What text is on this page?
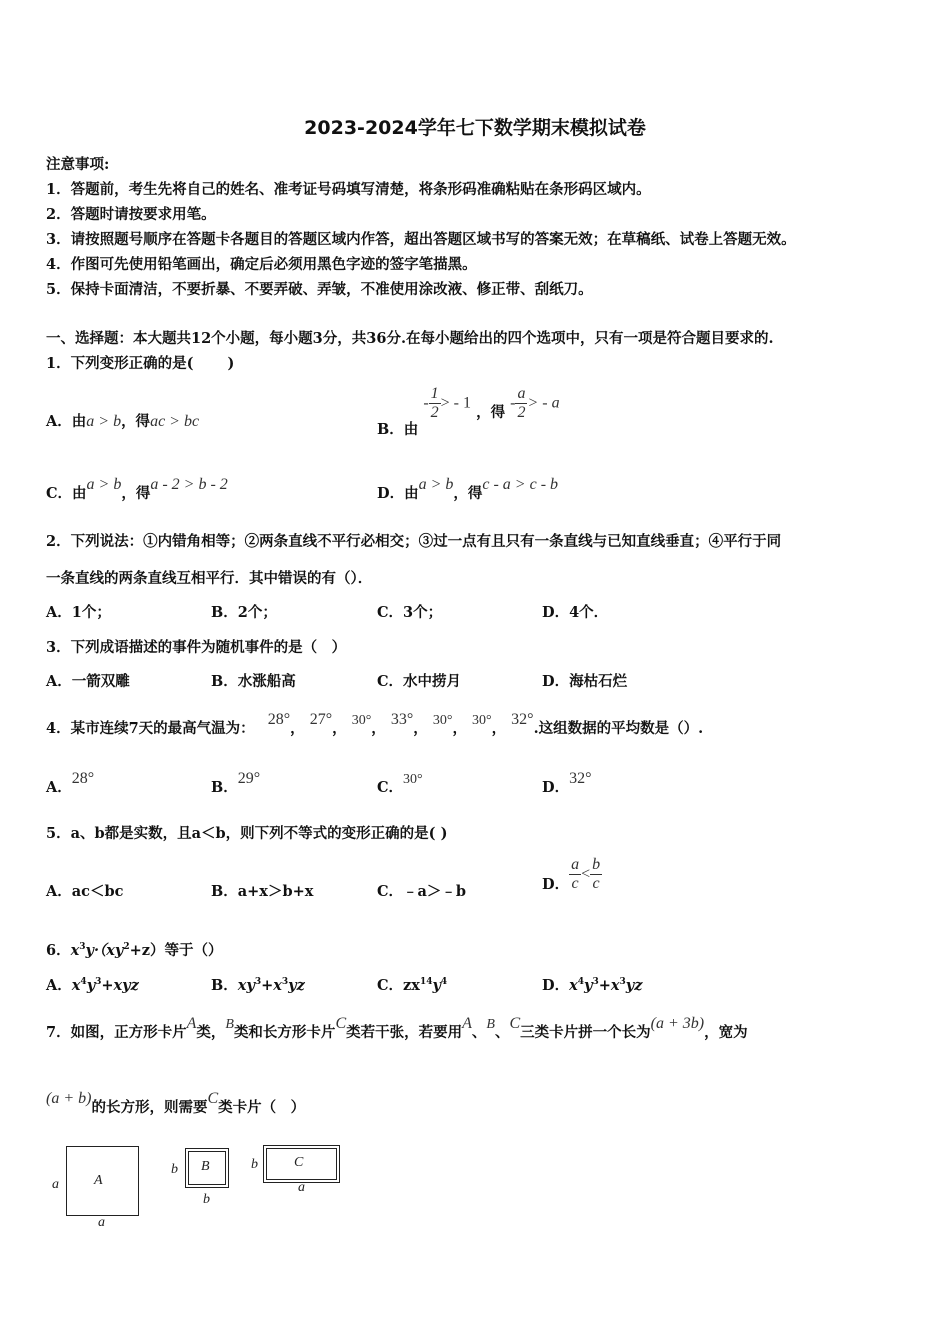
2023-2024学年七下数学期末模拟试卷
注意事项:
1．答题前，考生先将自己的姓名、准考证号码填写清楚，将条形码准确粘贴在条形码区域内。
2．答题时请按要求用笔。
3．请按照题号顺序在答题卡各题目的答题区域内作答，超出答题区域书写的答案无效；在草稿纸、试卷上答题无效。
4．作图可先使用铅笔画出，确定后必须用黑色字迹的签字笔描黑。
5．保持卡面清洁，不要折暴、不要弄破、弄皱，不准使用涂改液、修正带、刮纸刀。
一、选择题：本大题共12个小题，每小题3分，共36分.在每小题给出的四个选项中，只有一项是符合题目要求的.
1．下列变形正确的是(　　 )
A．由a > b，得ac > bc	B．由 - $\frac{1}{2}$ > - 1 ，得 - $\frac{a}{2}$ > - a
C．由a > b，得a - 2 > b - 2
D．由a > b，得c - a > c - b
2．下列说法：①内错角相等；②两条直线不平行必相交；③过一点有且只有一条直线与已知直线垂直；④平行于同
一条直线的两条直线互相平行．其中错误的有（）．
A．1个；	B．2个；	C．3个；	D．4个．
3．下列成语描述的事件为随机事件的是（　）
A．一箭双雕	B．水涨船高	C．水中捞月	D．海枯石烂
4．某市连续7天的最高气温为： 28°， 27°， 30°， 33°， 30°， 30°， 32°.这组数据的平均数是（）.
A．28°
B．29°
C．30°	D．32°
5．a、b都是实数，且a＜b，则下列不等式的变形正确的是( )
A．ac＜bc	B．a+x＞b+x	C．﹣a＞﹣b	D． $\frac{a}{c} < \frac{b}{c}$
6．$x^3y\cdot(xy^2+z)$等于（）
A．$x^4y^3+xyz$	B．$xy^3+x^3yz$	C．$zx^{14}y^4$	D．$x^4y^3+x^3yz$
7．如图，正方形卡片A类，B类和长方形卡片C类若干张，若要用A、B、C三类卡片拼一个长为(a + 3b)，宽为
(a + b)的长方形，则需要C类卡片（　）
A
a
a
B
b
b
C
b
a
